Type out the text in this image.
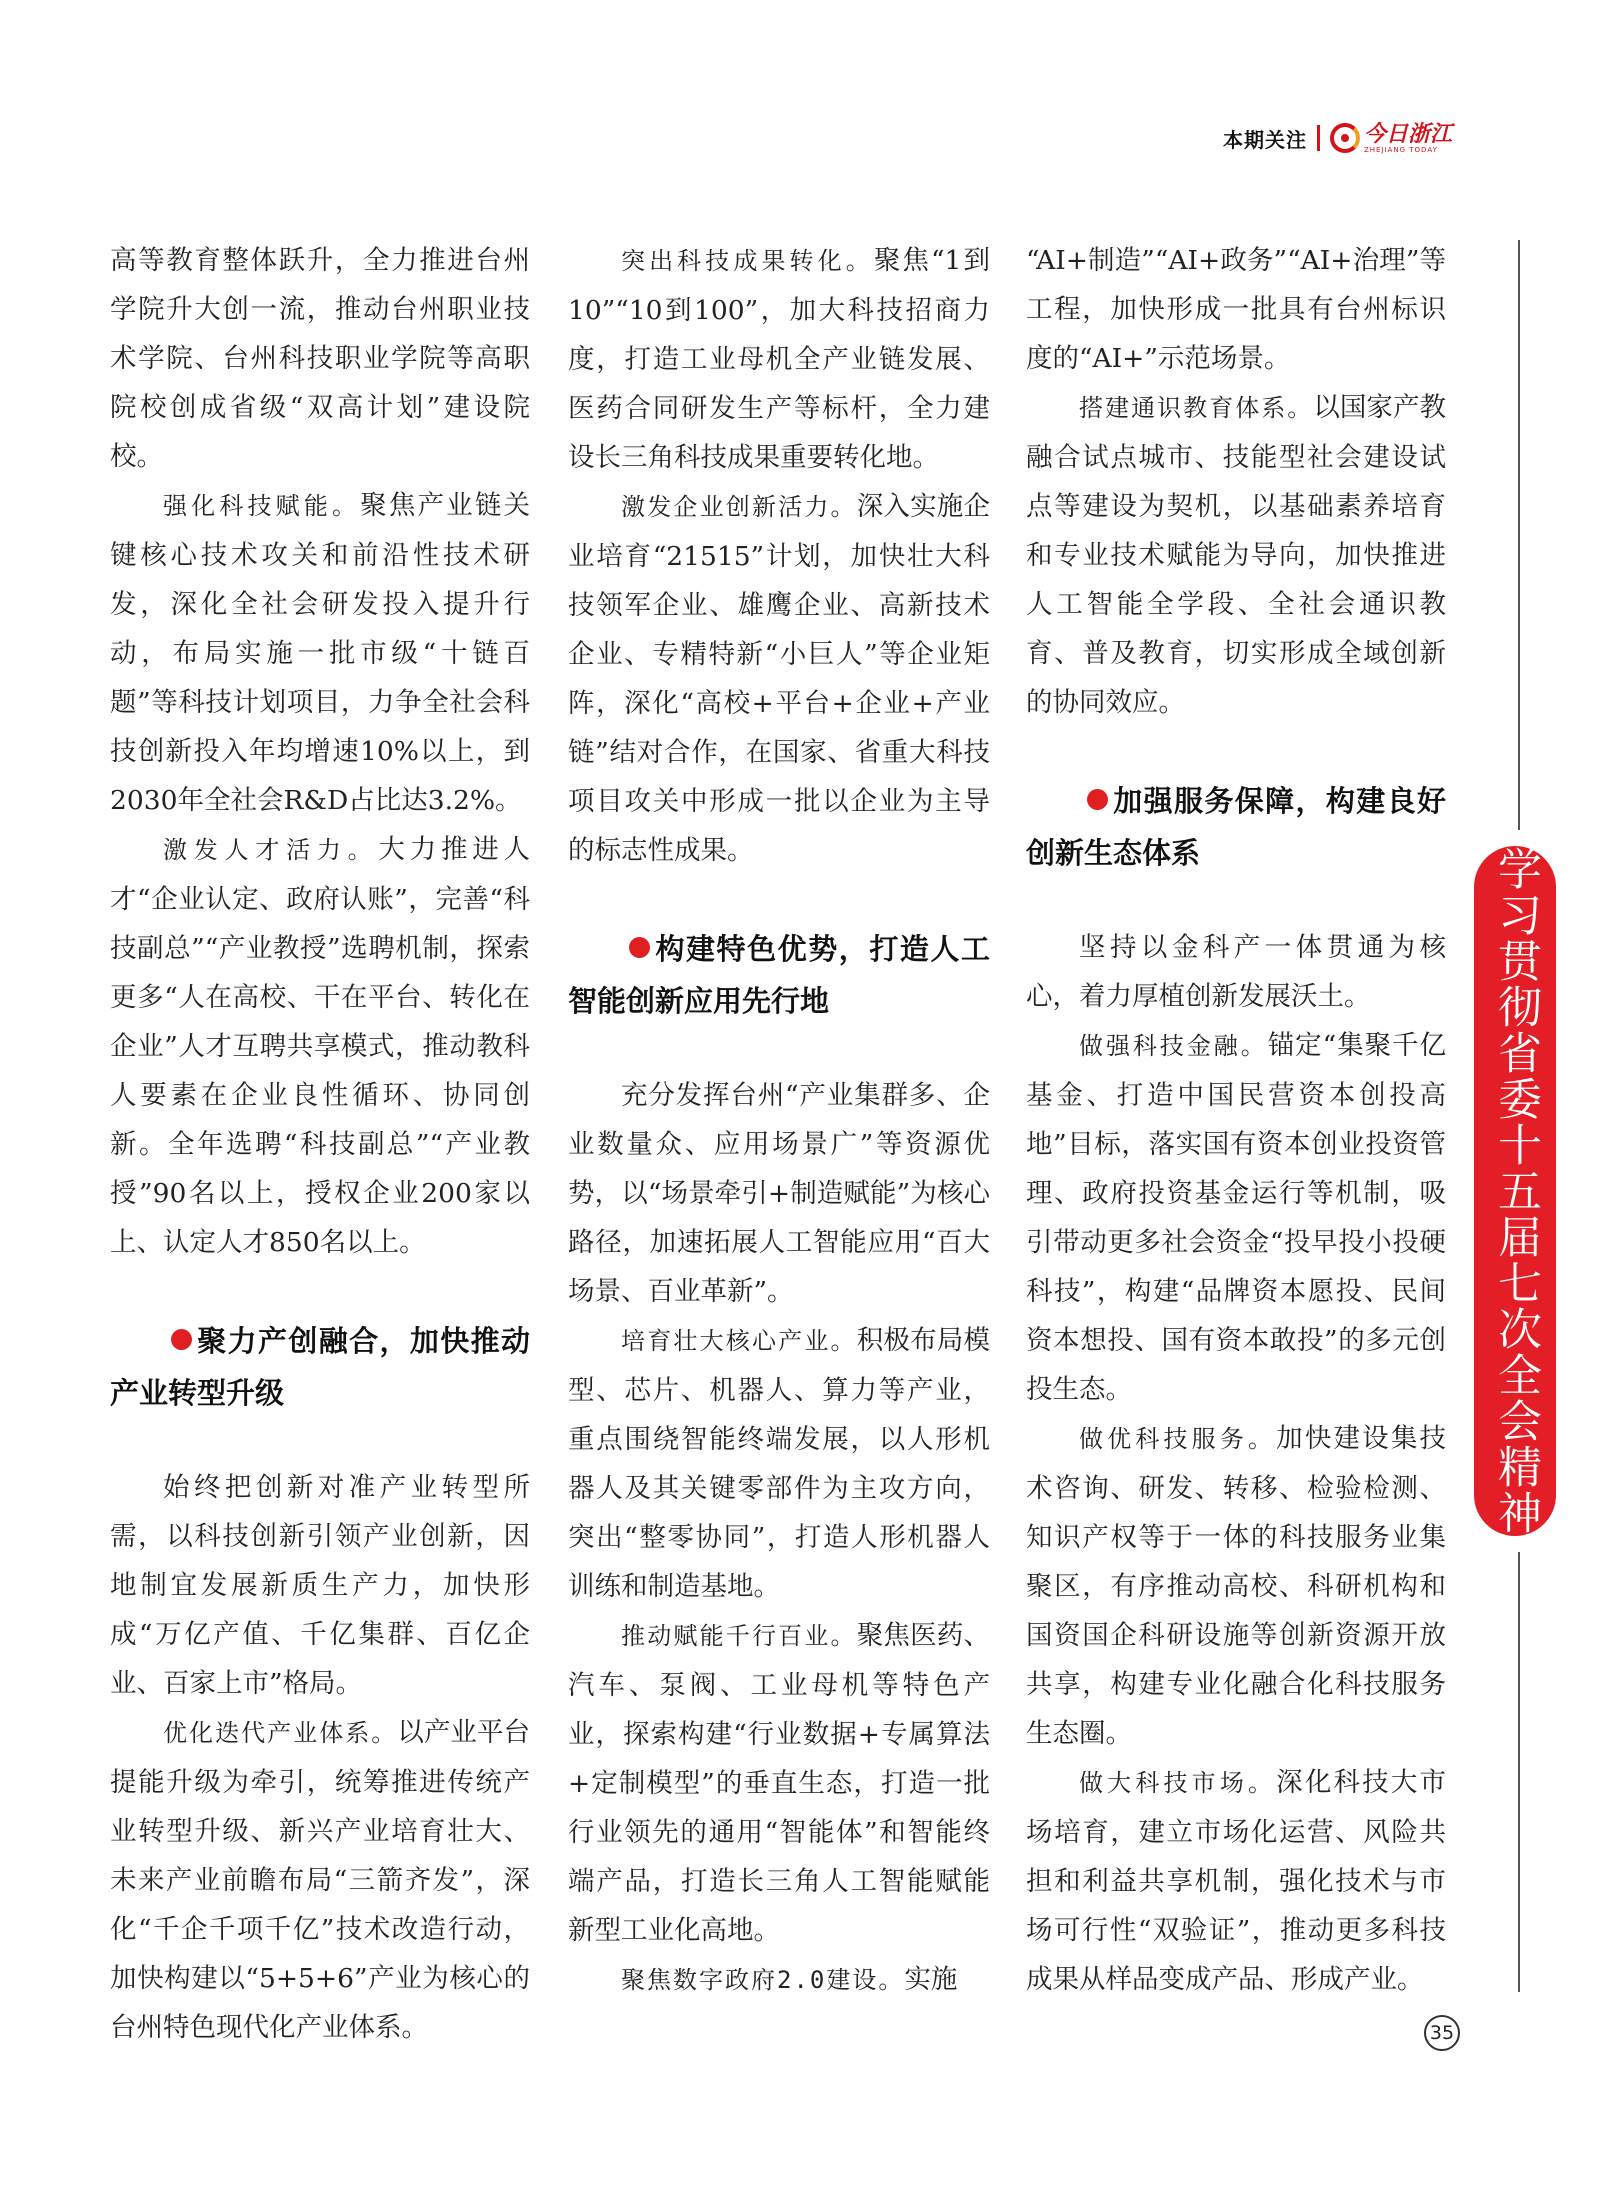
本期关注	今日浙江
ZHEJIANG TODAY

高等教育整体跃升，全力推进台州学院升大创一流，推动台州职业技术学院、台州科技职业学院等高职院校创成省级“双高计划”建设院校。

强化科技赋能。聚焦产业链关键核心技术攻关和前沿性技术研发，深化全社会研发投入提升行动，布局实施一批市级“十链百题”等科技计划项目，力争全社会科技创新投入年均增速10%以上，到2030年全社会R&D占比达3.2%。

激发人才活力。大力推进人才“企业认定、政府认账”，完善“科技副总”“产业教授”选聘机制，探索更多“人在高校、干在平台、转化在企业”人才互聘共享模式，推动教科人要素在企业良性循环、协同创新。全年选聘“科技副总”“产业教授”90名以上，授权企业200家以上、认定人才850名以上。

聚力产创融合，加快推动产业转型升级

始终把创新对准产业转型所需，以科技创新引领产业创新，因地制宜发展新质生产力，加快形成“万亿产值、千亿集群、百亿企业、百家上市”格局。

优化迭代产业体系。以产业平台提能升级为牵引，统筹推进传统产业转型升级、新兴产业培育壮大、未来产业前瞻布局“三箭齐发”，深化“千企千项千亿”技术改造行动，加快构建以“5+5+6”产业为核心的台州特色现代化产业体系。

突出科技成果转化。聚焦“1到10”“10到100”，加大科技招商力度，打造工业母机全产业链发展、医药合同研发生产等标杆，全力建设长三角科技成果重要转化地。

激发企业创新活力。深入实施企业培育“21515”计划，加快壮大科技领军企业、雄鹰企业、高新技术企业、专精特新“小巨人”等企业矩阵，深化“高校+平台+企业+产业链”结对合作，在国家、省重大科技项目攻关中形成一批以企业为主导的标志性成果。

构建特色优势，打造人工智能创新应用先行地

充分发挥台州“产业集群多、企业数量众、应用场景广”等资源优势，以“场景牵引+制造赋能”为核心路径，加速拓展人工智能应用“百大场景、百业革新”。

培育壮大核心产业。积极布局模型、芯片、机器人、算力等产业，重点围绕智能终端发展，以人形机器人及其关键零部件为主攻方向，突出“整零协同”，打造人形机器人训练和制造基地。

推动赋能千行百业。聚焦医药、汽车、泵阀、工业母机等特色产业，探索构建“行业数据+专属算法+定制模型”的垂直生态，打造一批行业领先的通用“智能体”和智能终端产品，打造长三角人工智能赋能新型工业化高地。

聚焦数字政府2.0建设。实施

“AI+制造”“AI+政务”“AI+治理”等工程，加快形成一批具有台州标识度的“AI+”示范场景。

搭建通识教育体系。以国家产教融合试点城市、技能型社会建设试点等建设为契机，以基础素养培育和专业技术赋能为导向，加快推进人工智能全学段、全社会通识教育、普及教育，切实形成全域创新的协同效应。

加强服务保障，构建良好创新生态体系

坚持以金科产一体贯通为核心，着力厚植创新发展沃土。

做强科技金融。锚定“集聚千亿基金、打造中国民营资本创投高地”目标，落实国有资本创业投资管理、政府投资基金运行等机制，吸引带动更多社会资金“投早投小投硬科技”，构建“品牌资本愿投、民间资本想投、国有资本敢投”的多元创投生态。

做优科技服务。加快建设集技术咨询、研发、转移、检验检测、知识产权等于一体的科技服务业集聚区，有序推动高校、科研机构和国资国企科研设施等创新资源开放共享，构建专业化融合化科技服务生态圈。

做大科技市场。深化科技大市场培育，建立市场化运营、风险共担和利益共享机制，强化技术与市场可行性“双验证”，推动更多科技成果从样品变成产品、形成产业。

学习贯彻省委十五届七次全会精神
35
